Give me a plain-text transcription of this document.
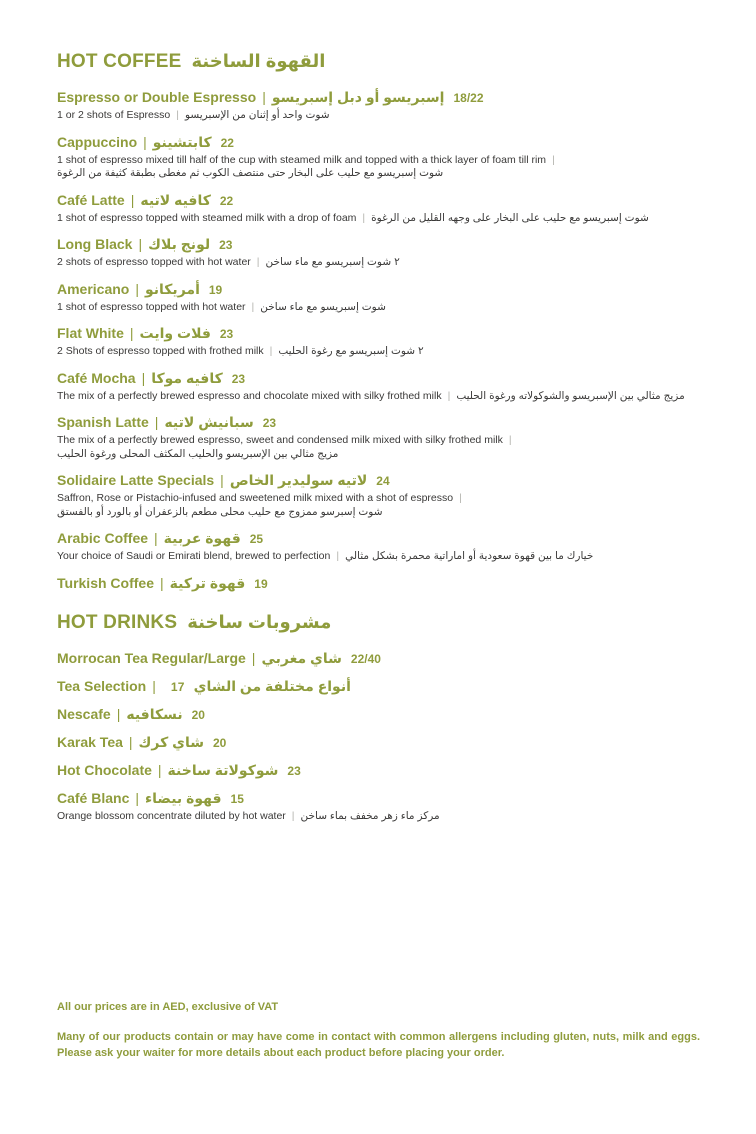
HOT COFFEE القهوة الساخنة
Espresso or Double Espresso | إسبريسو أو دبل إسبريسو 18/22
1 or 2 shots of Espresso | شوت واحد أو إثنان من الإسبريسو
Cappuccino | كابتشينو 22
1 shot of espresso mixed till half of the cup with steamed milk and topped with a thick layer of foam till rim |
شوت إسبريسو مع حليب على البخار حتى منتصف الكوب ثم مغطى بطبقة كثيفة من الرغوة
Café Latte | كافيه لاتيه 22
1 shot of espresso topped with steamed milk with a drop of foam | شوت إسبريسو مع حليب على البخار على وجهه القليل من الرغوة
Long Black | لونج بلاك 23
2 shots of espresso topped with hot water | ٢ شوت إسبريسو مع ماء ساخن
Americano | أمريكانو 19
1 shot of espresso topped with hot water | شوت إسبريسو مع ماء ساخن
Flat White | فلات وايت 23
2 Shots of espresso topped with frothed milk | ٢ شوت إسبريسو مع رغوة الحليب
Café Mocha | كافيه موكا 23
The mix of a perfectly brewed espresso and chocolate mixed with silky frothed milk | مزيج مثالي بين الإسبريسو والشوكولاته ورغوة الحليب
Spanish Latte | سبانيش لاتيه 23
The mix of a perfectly brewed espresso, sweet and condensed milk mixed with silky frothed milk |
مزيج مثالي بين الإسبريسو والحليب المكثف المحلى ورغوة الحليب
Solidaire Latte Specials | لاتيه سوليدير الخاص 24
Saffron, Rose or Pistachio-infused and sweetened milk mixed with a shot of espresso |
شوت إسبرسو ممزوج مع حليب محلى مطعم بالزعفران أو بالورد أو بالفستق
Arabic Coffee | قهوة عربية 25
Your choice of Saudi or Emirati blend, brewed to perfection | خيارك ما بين قهوة سعودية أو اماراتية محمرة بشكل مثالي
Turkish Coffee | قهوة تركية 19
HOT DRINKS مشروبات ساخنة
Morrocan Tea Regular/Large | شاي مغربي 22/40
Tea Selection | 17 أنواع مختلفة من الشاي
Nescafe | نسكافيه 20
Karak Tea | شاي كرك 20
Hot Chocolate | شوكولاتة ساخنة 23
Café Blanc | قهوة بيضاء 15
Orange blossom concentrate diluted by hot water | مركز ماء زهر مخفف بماء ساخن

All our prices are in AED, exclusive of VAT

Many of our products contain or may have come in contact with common allergens including gluten, nuts, milk and eggs. Please ask your waiter for more details about each product before placing your order.
